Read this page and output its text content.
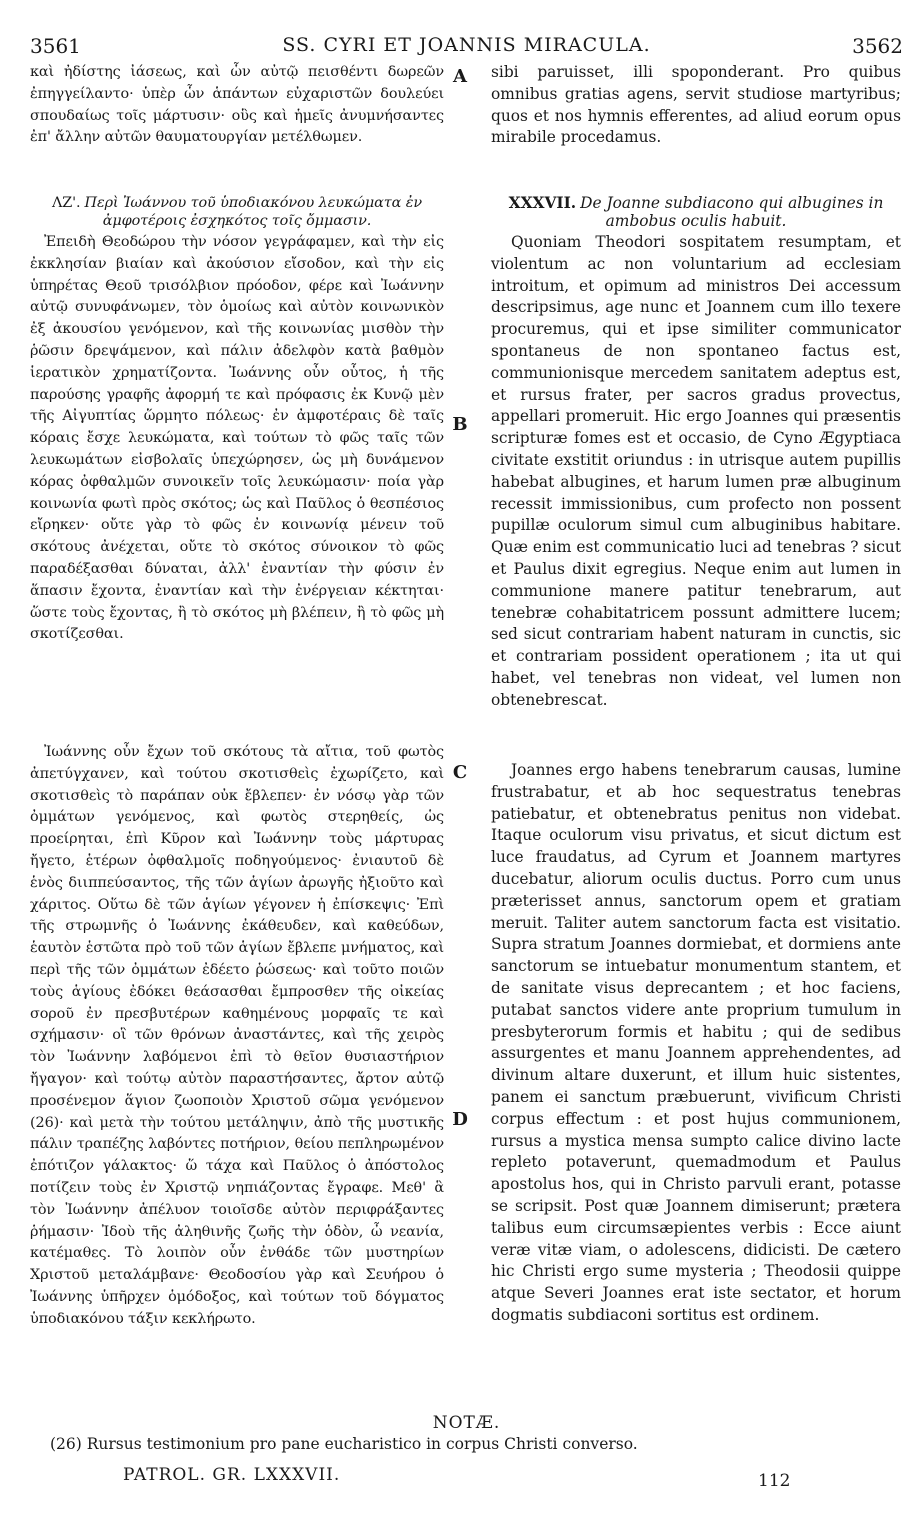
3561	SS. CYRI ET JOANNIS MIRACULA.	3562
καὶ ἠδίστης ἰάσεως, καὶ ὧν αὐτῷ πεισθέντι δωρεῶν ἐπηγγείλαντο· ὑπὲρ ὧν ἁπάντων εὐχαριστῶν δουλεύει σπουδαίως τοῖς μάρτυσιν· οὓς καὶ ἡμεῖς ἀνυμνήσαντες ἐπ' ἄλλην αὐτῶν θαυματουργίαν μετέλθωμεν.
ΛΖ'. Περὶ Ἰωάννου τοῦ ὑποδιακόνου λευκώματα ἐν ἀμφοτέροις ἐσχηκότος τοῖς ὄμμασιν.
Ἐπειδὴ Θεοδώρου τὴν νόσον γεγράφαμεν, καὶ τὴν εἰς ἐκκλησίαν βιαίαν καὶ ἀκούσιον εἴσοδον, καὶ τὴν εἰς ὑπηρέτας Θεοῦ τρισόλβιον πρόοδον, φέρε καὶ Ἰωάννην αὐτῷ συνυφάνωμεν, τὸν ὁμοίως καὶ αὐτὸν κοινωνικὸν ἐξ ἀκουσίου γενόμενον, καὶ τῆς κοινωνίας μισθὸν τὴν ῥῶσιν δρεψάμενον, καὶ πάλιν ἀδελφὸν κατὰ βαθμὸν ἱερατικὸν χρηματίζοντα. Ἰωάννης οὖν οὗτος, ἡ τῆς παρούσης γραφῆς ἀφορμή τε καὶ πρόφασις ἐκ Κυνῷ μὲν τῆς Αἰγυπτίας ὥρμητο πόλεως· ἐν ἀμφοτέραις δὲ ταῖς κόραις ἔσχε λευκώματα, καὶ τούτων τὸ φῶς ταῖς τῶν λευκωμάτων εἰσβολαῖς ὑπεχώρησεν, ὡς μὴ δυνάμενον κόρας ὀφθαλμῶν συνοικεῖν τοῖς λευκώμασιν· ποία γὰρ κοινωνία φωτὶ πρὸς σκότος; ὡς καὶ Παῦλος ὁ θεσπέσιος εἴρηκεν· οὔτε γὰρ τὸ φῶς ἐν κοινωνίᾳ μένειν τοῦ σκότους ἀνέχεται, οὔτε τὸ σκότος σύνοικον τὸ φῶς παραδέξασθαι δύναται, ἀλλ' ἐναντίαν τὴν φύσιν ἐν ἅπασιν ἔχοντα, ἐναντίαν καὶ τὴν ἐνέργειαν κέκτηται· ὥστε τοὺς ἔχοντας, ἢ τὸ σκότος μὴ βλέπειν, ἢ τὸ φῶς μὴ σκοτίζεσθαι.
Ἰωάννης οὖν ἔχων τοῦ σκότους τὰ αἴτια, τοῦ φωτὸς ἀπετύγχανεν, καὶ τούτου σκοτισθεὶς ἐχωρίζετο, καὶ σκοτισθεὶς τὸ παράπαν οὐκ ἔβλεπεν· ἐν νόσῳ γὰρ τῶν ὀμμάτων γενόμενος, καὶ φωτὸς στερηθείς, ὡς προείρηται, ἐπὶ Κῦρον καὶ Ἰωάννην τοὺς μάρτυρας ἤγετο, ἑτέρων ὀφθαλμοῖς ποδηγούμενος· ἐνιαυτοῦ δὲ ἑνὸς διιππεύσαντος, τῆς τῶν ἁγίων ἀρωγῆς ἠξιοῦτο καὶ χάριτος. Οὕτω δὲ τῶν ἁγίων γέγονεν ἡ ἐπίσκεψις· Ἐπὶ τῆς στρωμνῆς ὁ Ἰωάννης ἐκάθευδεν, καὶ καθεύδων, ἑαυτὸν ἑστῶτα πρὸ τοῦ τῶν ἁγίων ἔβλεπε μνήματος, καὶ περὶ τῆς τῶν ὀμμάτων ἐδέετο ῥώσεως· καὶ τοῦτο ποιῶν τοὺς ἁγίους ἐδόκει θεάσασθαι ἔμπροσθεν τῆς οἰκείας σοροῦ ἐν πρεσβυτέρων καθημένους μορφαῖς τε καὶ σχήμασιν· οἳ τῶν θρόνων ἀναστάντες, καὶ τῆς χειρὸς τὸν Ἰωάννην λαβόμενοι ἐπὶ τὸ θεῖον θυσιαστήριον ἤγαγον· καὶ τούτῳ αὐτὸν παραστήσαντες, ἄρτον αὐτῷ προσένεμον ἅγιον ζωοποιὸν Χριστοῦ σῶμα γενόμενον (26)· καὶ μετὰ τὴν τούτου μετάληψιν, ἀπὸ τῆς μυστικῆς πάλιν τραπέζης λαβόντες ποτήριον, θείου πεπληρωμένον ἐπότιζον γάλακτος· ὥ τάχα καὶ Παῦλος ὁ ἀπόστολος ποτίζειν τοὺς ἐν Χριστῷ νηπιάζοντας ἔγραφε. Μεθ' ἃ τὸν Ἰωάννην ἀπέλυον τοιοῖσδε αὐτὸν περιφράξαντες ῥήμασιν· Ἰδοὺ τῆς ἀληθινῆς ζωῆς τὴν ὁδὸν, ὦ νεανία, κατέμαθες. Τὸ λοιπὸν οὖν ἐνθάδε τῶν μυστηρίων Χριστοῦ μεταλάμβανε· Θεοδοσίου γὰρ καὶ Σευήρου ὁ Ἰωάννης ὑπῆρχεν ὁμόδοξος, καὶ τούτων τοῦ δόγματος ὑποδιακόνου τάξιν κεκλήρωτο.
A
B
C
D
sibi paruisset, illi spoponderant. Pro quibus omnibus gratias agens, servit studiose martyribus; quos et nos hymnis efferentes, ad aliud eorum opus mirabile procedamus.
XXXVII. De Joanne subdiacono qui albugines in ambobus oculis habuit.
Quoniam Theodori sospitatem resumptam, et violentum ac non voluntarium ad ecclesiam introitum, et opimum ad ministros Dei accessum descripsimus, age nunc et Joannem cum illo texere procuremus, qui et ipse similiter communicator spontaneus de non spontaneo factus est, communionisque mercedem sanitatem adeptus est, et rursus frater, per sacros gradus provectus, appellari promeruit. Hic ergo Joannes qui præsentis scripturæ fomes est et occasio, de Cyno Ægyptiaca civitate exstitit oriundus : in utrisque autem pupillis habebat albugines, et harum lumen præ albuginum recessit immissionibus, cum profecto non possent pupillæ oculorum simul cum albuginibus habitare. Quæ enim est communicatio luci ad tenebras ? sicut et Paulus dixit egregius. Neque enim aut lumen in communione manere patitur tenebrarum, aut tenebræ cohabitatricem possunt admittere lucem; sed sicut contrariam habent naturam in cunctis, sic et contrariam possident operationem ; ita ut qui habet, vel tenebras non videat, vel lumen non obtenebrescat.
Joannes ergo habens tenebrarum causas, lumine frustrabatur, et ab hoc sequestratus tenebras patiebatur, et obtenebratus penitus non videbat. Itaque oculorum visu privatus, et sicut dictum est luce fraudatus, ad Cyrum et Joannem martyres ducebatur, aliorum oculis ductus. Porro cum unus præterisset annus, sanctorum opem et gratiam meruit. Taliter autem sanctorum facta est visitatio. Supra stratum Joannes dormiebat, et dormiens ante sanctorum se intuebatur monumentum stantem, et de sanitate visus deprecantem ; et hoc faciens, putabat sanctos videre ante proprium tumulum in presbyterorum formis et habitu ; qui de sedibus assurgentes et manu Joannem apprehendentes, ad divinum altare duxerunt, et illum huic sistentes, panem ei sanctum præbuerunt, vivificum Christi corpus effectum : et post hujus communionem, rursus a mystica mensa sumpto calice divino lacte repleto potaverunt, quemadmodum et Paulus apostolus hos, qui in Christo parvuli erant, potasse se scripsit. Post quæ Joannem dimiserunt; prætera talibus eum circumsæpientes verbis : Ecce aiunt veræ vitæ viam, o adolescens, didicisti. De cætero hic Christi ergo sume mysteria ; Theodosii quippe atque Severi Joannes erat iste sectator, et horum dogmatis subdiaconi sortitus est ordinem.
NOTÆ.
(26) Rursus testimonium pro pane eucharistico in corpus Christi converso.
PATROL. GR. LXXXVII.	112
